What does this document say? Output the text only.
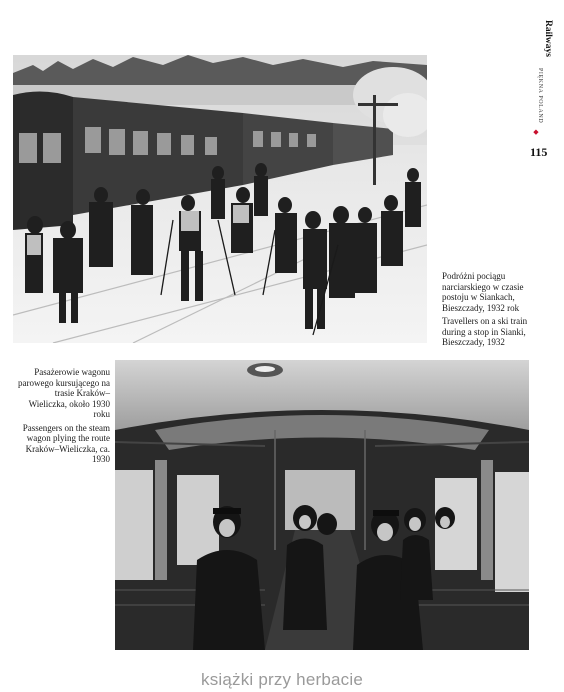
Railways
PIĘKNA POLAND
◆
115

Podróżni pociągu narciarskiego w czasie postoju w Siankach, Bieszczady, 1932 rok

Travellers on a ski train during a stop in Sianki, Bieszczady, 1932

Pasażerowie wagonu parowego kursującego na trasie Kraków–Wieliczka, około 1930 roku

Passengers on the steam wagon plying the route Kraków–Wieliczka, ca. 1930

książki przy herbacie
